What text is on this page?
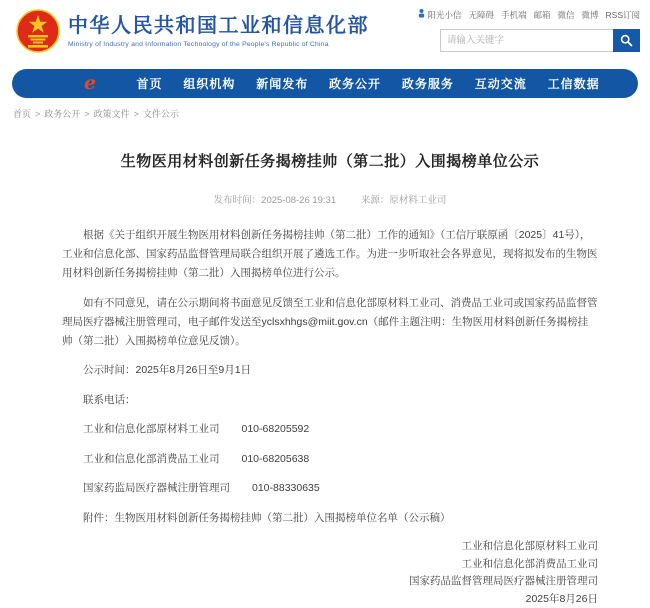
中华人民共和国工业和信息化部
Ministry of Industry and Information Technology of the People's Republic of China
阳光小信 无障碍 手机端 邮箱 微信 微博 RSS订阅
请输入关键字
e	首页 组织机构 新闻发布 政务公开 政务服务 互动交流 工信数据
首页 > 政务公开 > 政策文件 > 文件公示
生物医用材料创新任务揭榜挂帅（第二批）入围揭榜单位公示
发布时间：2025-08-26 19:31	来源：原材料工业司

根据《关于组织开展生物医用材料创新任务揭榜挂帅（第二批）工作的通知》（工信厅联原函〔2025〕41号），工业和信息化部、国家药品监督管理局联合组织开展了遴选工作。为进一步听取社会各界意见，现将拟发布的生物医用材料创新任务揭榜挂帅（第二批）入围揭榜单位进行公示。

如有不同意见，请在公示期间将书面意见反馈至工业和信息化部原材料工业司、消费品工业司或国家药品监督管理局医疗器械注册管理司，电子邮件发送至yclsxhhgs@miit.gov.cn（邮件主题注明：生物医用材料创新任务揭榜挂帅（第二批）入围揭榜单位意见反馈）。

公示时间：2025年8月26日至9月1日

联系电话：

工业和信息化部原材料工业司 010-68205592

工业和信息化部消费品工业司 010-68205638

国家药监局医疗器械注册管理司 010-88330635

附件：生物医用材料创新任务揭榜挂帅（第二批）入围揭榜单位名单（公示稿）

工业和信息化部原材料工业司
工业和信息化部消费品工业司
国家药品监督管理局医疗器械注册管理司
2025年8月26日
